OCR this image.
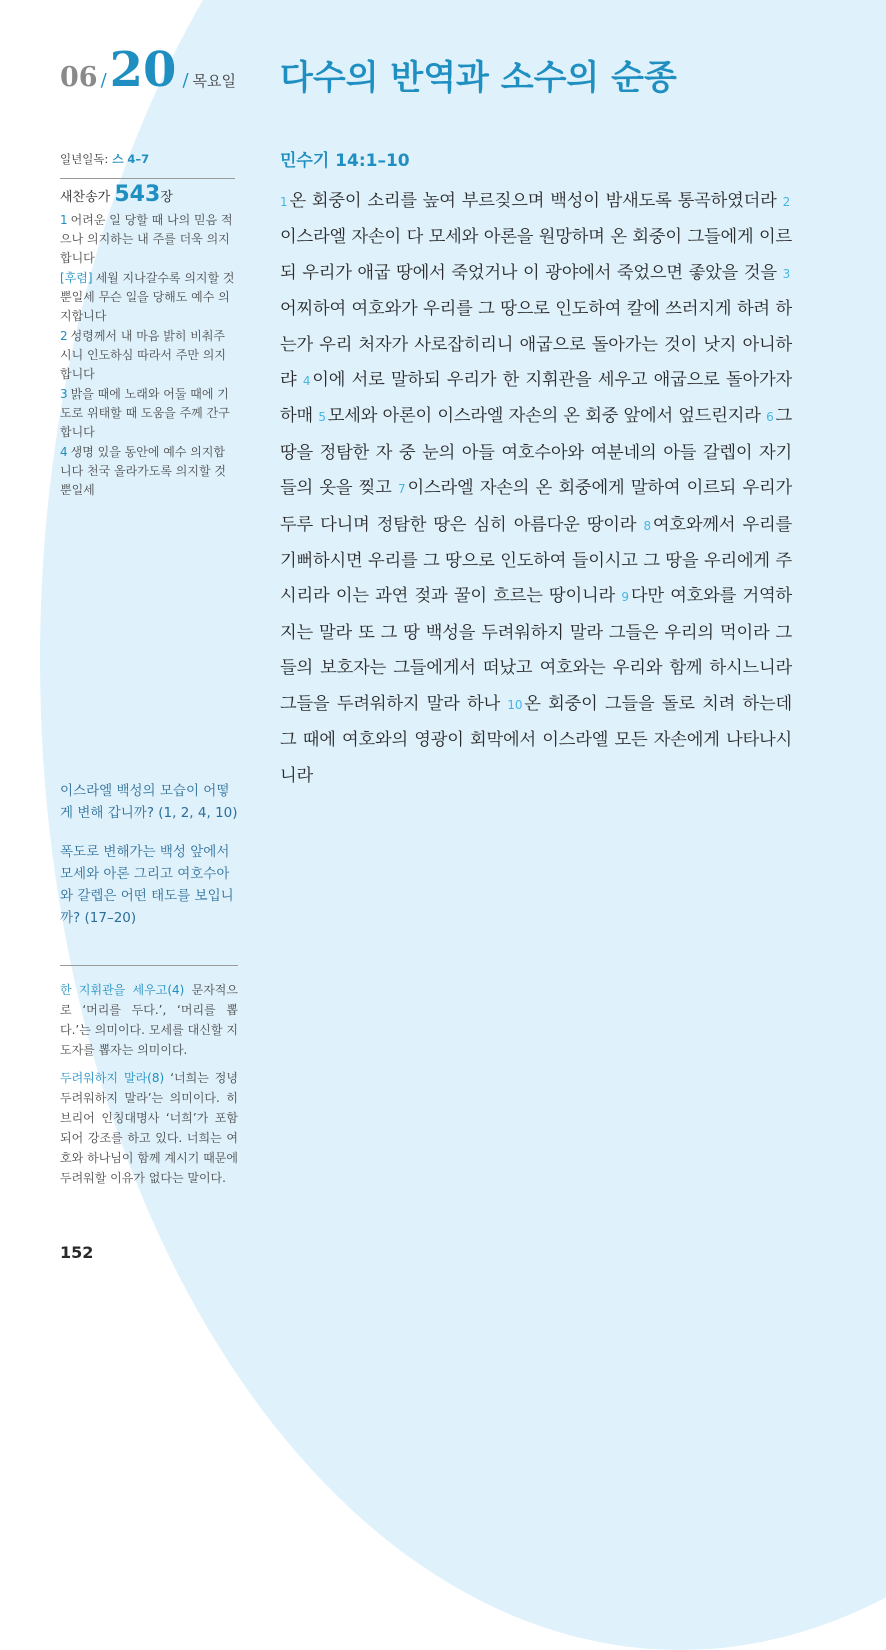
06 / 20 / 목요일 다수의 반역과 소수의 순종
일년일독: 스 4–7
새찬송가 543장

1 어려운 일 당할 때 나의 믿음 적으나 의지하는 내 주를 더욱 의지합니다

[후렴] 세월 지나갈수록 의지할 것 뿐일세 무슨 일을 당해도 예수 의지합니다

2 성령께서 내 마음 밝히 비춰주시니 인도하심 따라서 주만 의지합니다

3 밝을 때에 노래와 어둘 때에 기도로 위태할 때 도움을 주께 간구합니다

4 생명 있을 동안에 예수 의지합니다 천국 올라가도록 의지할 것 뿐일세

이스라엘 백성의 모습이 어떻게 변해 갑니까? (1, 2, 4, 10)

폭도로 변해가는 백성 앞에서 모세와 아론 그리고 여호수아와 갈렙은 어떤 태도를 보입니까? (17–20)

한 지휘관을 세우고(4) 문자적으로 ‘머리를 두다.’, ‘머리를 뽑다.’는 의미이다. 모세를 대신할 지도자를 뽑자는 의미이다.

두려워하지 말라(8) ‘너희는 정녕 두려워하지 말라’는 의미이다. 히브리어 인칭대명사 ‘너희’가 포함되어 강조를 하고 있다. 너희는 여호와 하나님이 함께 계시기 때문에 두려워할 이유가 없다는 말이다.

민수기 14:1–10
1 온 회중이 소리를 높여 부르짖으며 백성이 밤새도록 통곡하였더라 2이스라엘 자손이 다 모세와 아론을 원망하며 온 회중이 그들에게 이르되 우리가 애굽 땅에서 죽었거나 이 광야에서 죽었으면 좋았을 것을 3어찌하여 여호와가 우리를 그 땅으로 인도하여 칼에 쓰러지게 하려 하는가 우리 처자가 사로잡히리니 애굽으로 돌아가는 것이 낫지 아니하랴 4 이에 서로 말하되 우리가 한 지휘관을 세우고 애굽으로 돌아가자 하매 5 모세와 아론이 이스라엘 자손의 온 회중 앞에서 엎드린지라 6 그 땅을 정탐한 자 중 눈의 아들 여호수아와 여분네의 아들 갈렙이 자기들의 옷을 찢고 7 이스라엘 자손의 온 회중에게 말하여 이르되 우리가 두루 다니며 정탐한 땅은 심히 아름다운 땅이라 8 여호와께서 우리를 기뻐하시면 우리를 그 땅으로 인도하여 들이시고 그 땅을 우리에게 주시리라 이는 과연 젖과 꿀이 흐르는 땅이니라 9 다만 여호와를 거역하지는 말라 또 그 땅 백성을 두려워하지 말라 그들은 우리의 먹이라 그들의 보호자는 그들에게서 떠났고 여호와는 우리와 함께 하시느니라 그들을 두려워하지 말라 하나 10 온 회중이 그들을 돌로 치려 하는데 그 때에 여호와의 영광이 회막에서 이스라엘 모든 자손에게 나타나시니라
152
